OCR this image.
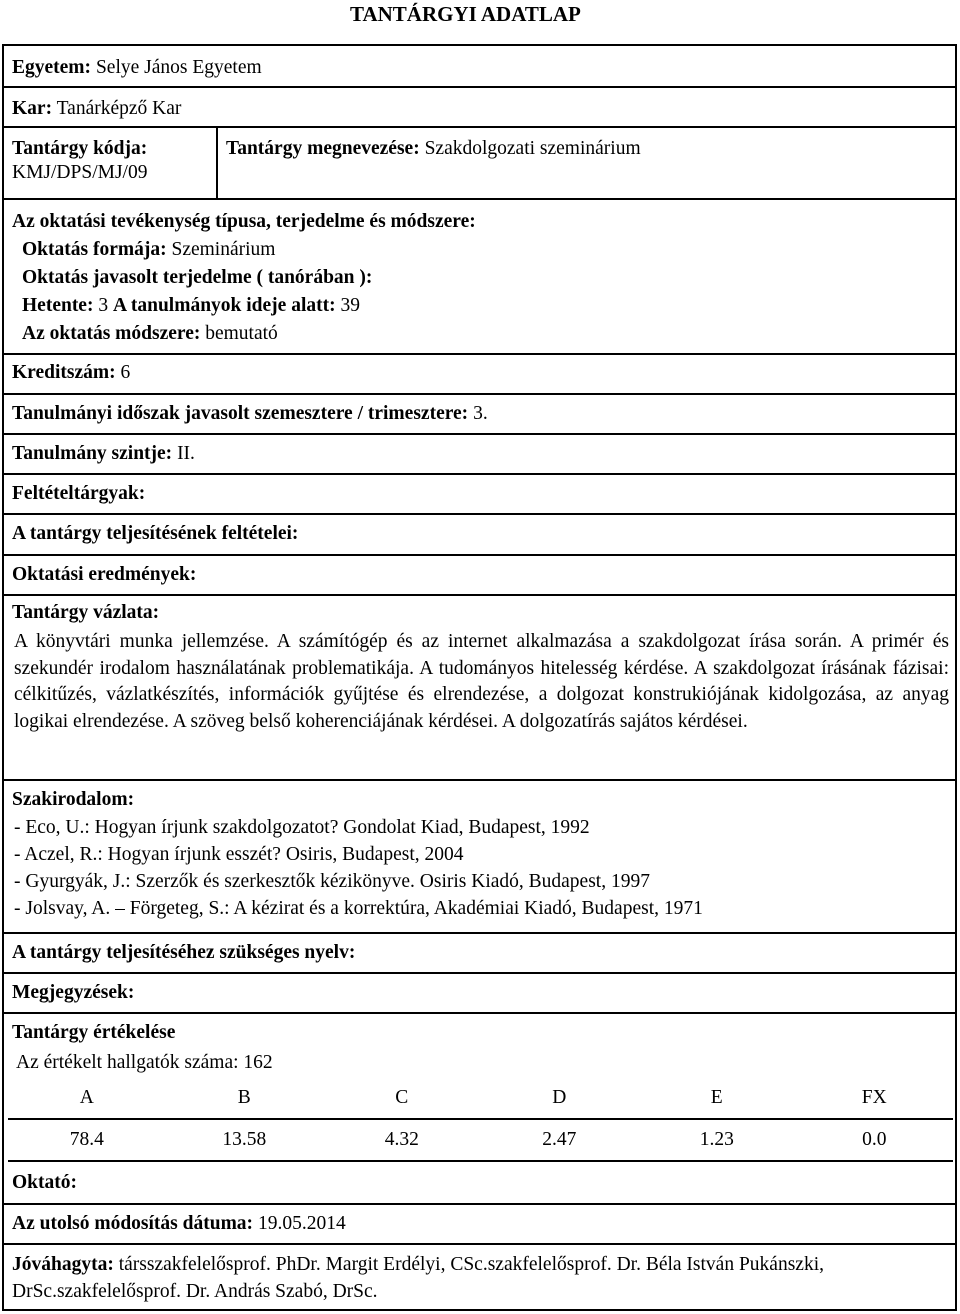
TANTÁRGYI ADATLAP
Egyetem: Selye János Egyetem
Kar: Tanárképző Kar
Tantárgy kódja:
KMJ/DPS/MJ/09
Tantárgy megnevezése: Szakdolgozati szeminárium
Az oktatási tevékenység típusa, terjedelme és módszere:
Oktatás formája: Szeminárium
Oktatás javasolt terjedelme ( tanórában ):
Hetente: 3 A tanulmányok ideje alatt: 39
Az oktatás módszere: bemutató
Kreditszám: 6
Tanulmányi időszak javasolt szemesztere / trimesztere: 3.
Tanulmány szintje: II.
Feltételtárgyak:
A tantárgy teljesítésének feltételei:
Oktatási eredmények:
Tantárgy vázlata:
A könyvtári munka jellemzése. A számítógép és az internet alkalmazása a szakdolgozat írása során. A primér és szekundér irodalom használatának problematikája. A tudományos hitelesség kérdése. A szakdolgozat írásának fázisai: célkitűzés, vázlatkészítés, információk gyűjtése és elrendezése, a dolgozat konstrukiójának kidolgozása, az anyag logikai elrendezése. A szöveg belső koherenciájának kérdései. A dolgozatírás sajátos kérdései.
Szakirodalom:
- Eco, U.: Hogyan írjunk szakdolgozatot? Gondolat Kiad, Budapest, 1992
- Aczel, R.: Hogyan írjunk esszét? Osiris, Budapest, 2004
- Gyurgyák, J.: Szerzők és szerkesztők kézikönyve. Osiris Kiadó, Budapest, 1997
- Jolsvay, A. – Förgeteg, S.: A kézirat és a korrektúra, Akadémiai Kiadó, Budapest, 1971
A tantárgy teljesítéséhez szükséges nyelv:
Megjegyzések:
Tantárgy értékelése
Az értékelt hallgatók száma: 162
A	B	C	D	E	FX
78.4	13.58	4.32	2.47	1.23	0.0
Oktató:
Az utolsó módosítás dátuma: 19.05.2014
Jóváhagyta: társszakfelelősprof. PhDr. Margit Erdélyi, CSc.szakfelelősprof. Dr. Béla István Pukánszki, DrSc.szakfelelősprof. Dr. András Szabó, DrSc.
